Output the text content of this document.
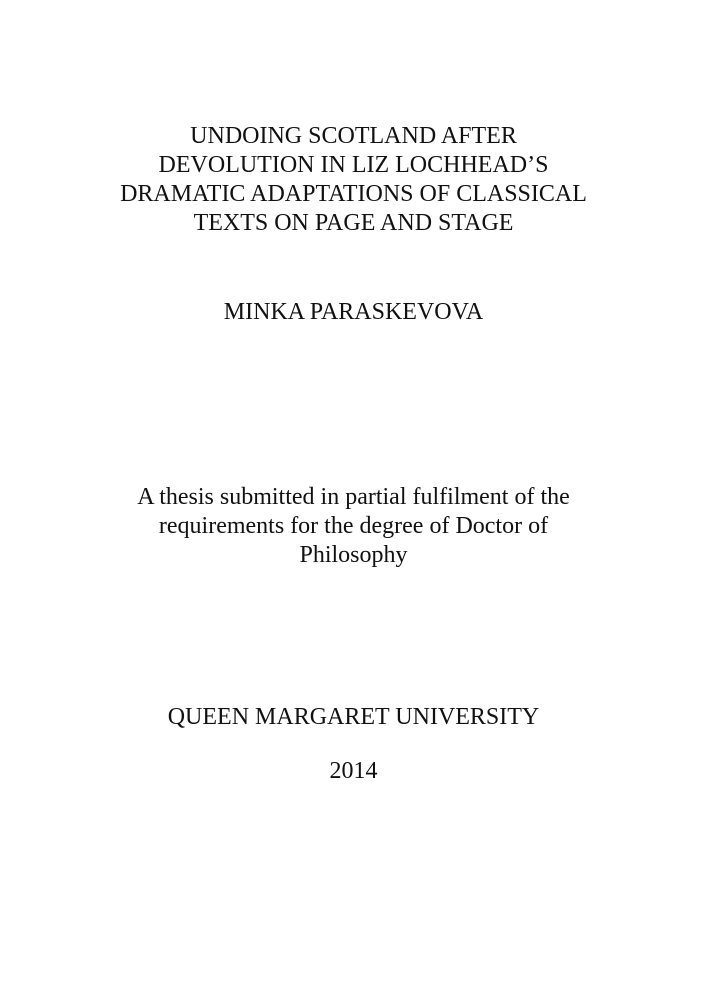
UNDOING SCOTLAND AFTER
DEVOLUTION IN LIZ LOCHHEAD’S
DRAMATIC ADAPTATIONS OF CLASSICAL
TEXTS ON PAGE AND STAGE
MINKA PARASKEVOVA
A thesis submitted in partial fulfilment of the
requirements for the degree of Doctor of
Philosophy
QUEEN MARGARET UNIVERSITY
2014
